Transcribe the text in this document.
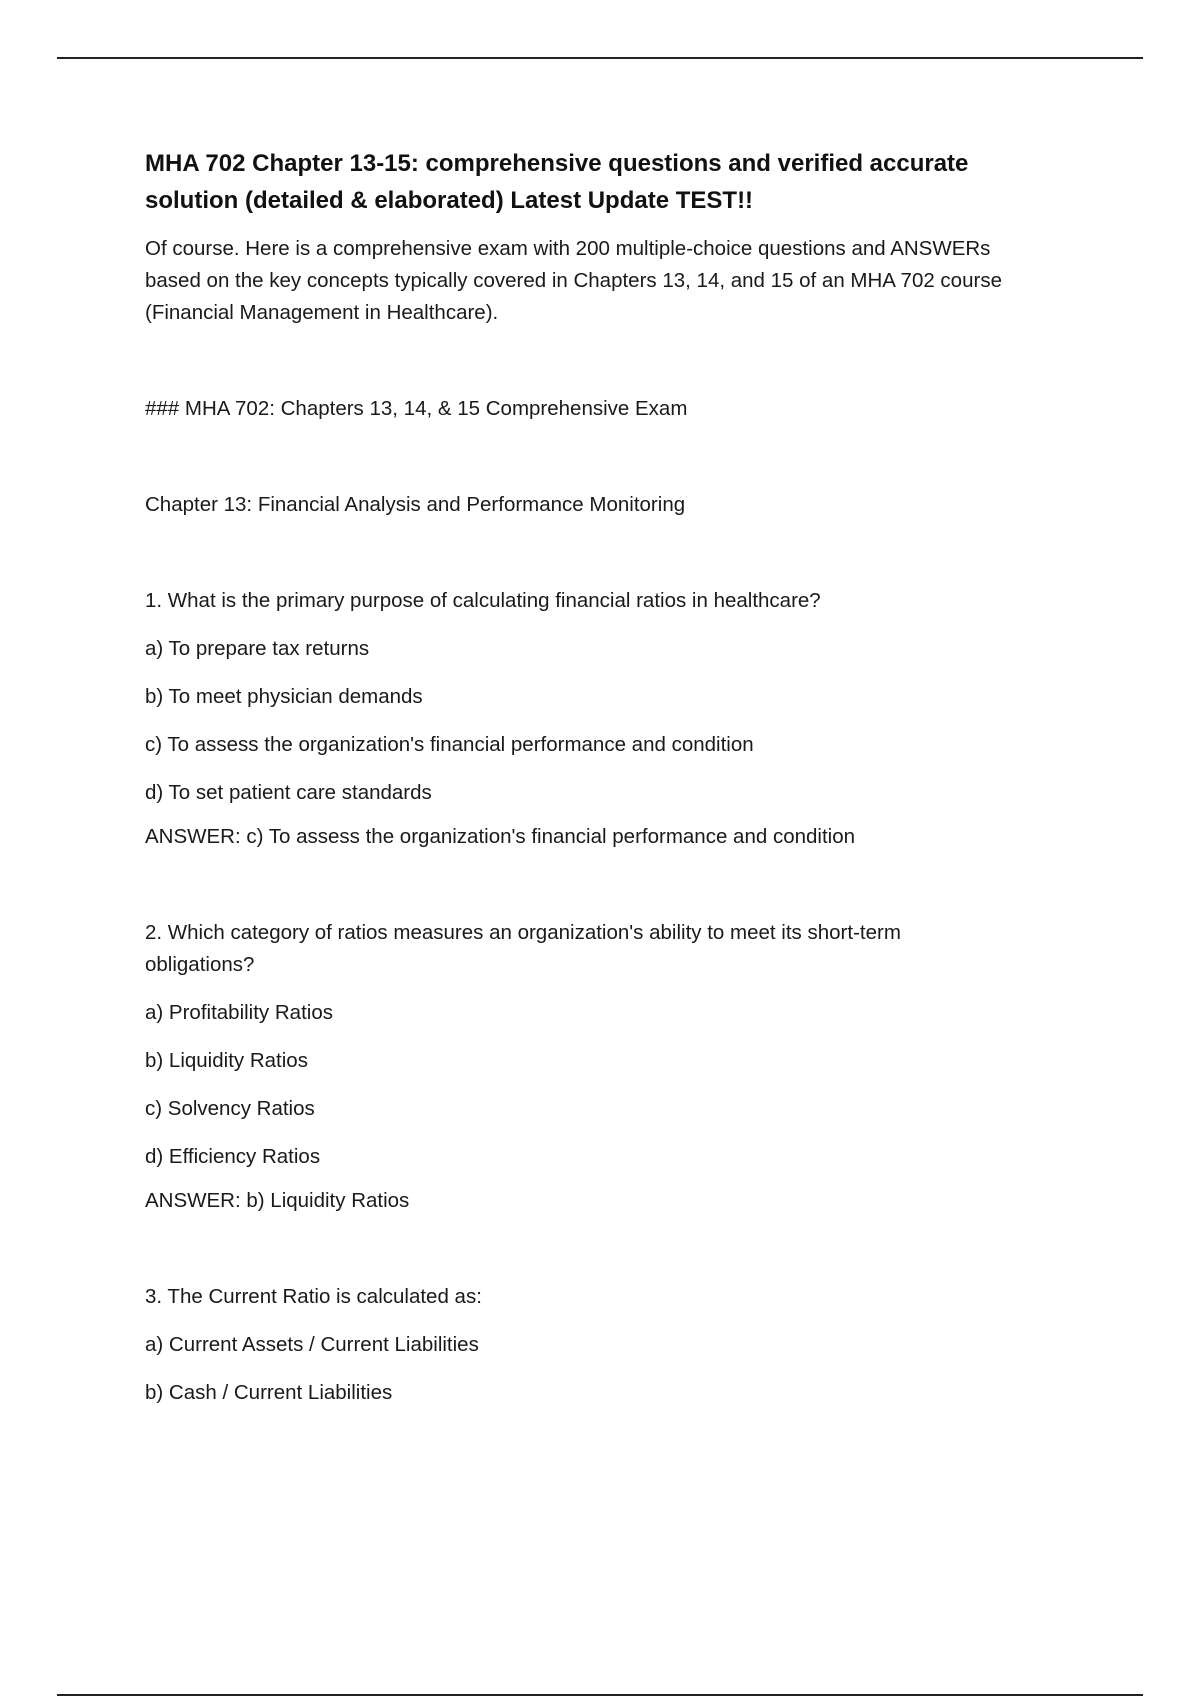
MHA 702 Chapter 13-15: comprehensive questions and verified accurate
solution (detailed & elaborated) Latest Update TEST!!

Of course. Here is a comprehensive exam with 200 multiple-choice questions and ANSWERs
based on the key concepts typically covered in Chapters 13, 14, and 15 of an MHA 702 course
(Financial Management in Healthcare).

### MHA 702: Chapters 13, 14, & 15 Comprehensive Exam

Chapter 13: Financial Analysis and Performance Monitoring

1. What is the primary purpose of calculating financial ratios in healthcare?

a) To prepare tax returns

b) To meet physician demands

c) To assess the organization's financial performance and condition

d) To set patient care standards

ANSWER: c) To assess the organization's financial performance and condition

2. Which category of ratios measures an organization's ability to meet its short-term
obligations?

a) Profitability Ratios

b) Liquidity Ratios

c) Solvency Ratios

d) Efficiency Ratios

ANSWER: b) Liquidity Ratios

3. The Current Ratio is calculated as:

a) Current Assets / Current Liabilities

b) Cash / Current Liabilities
